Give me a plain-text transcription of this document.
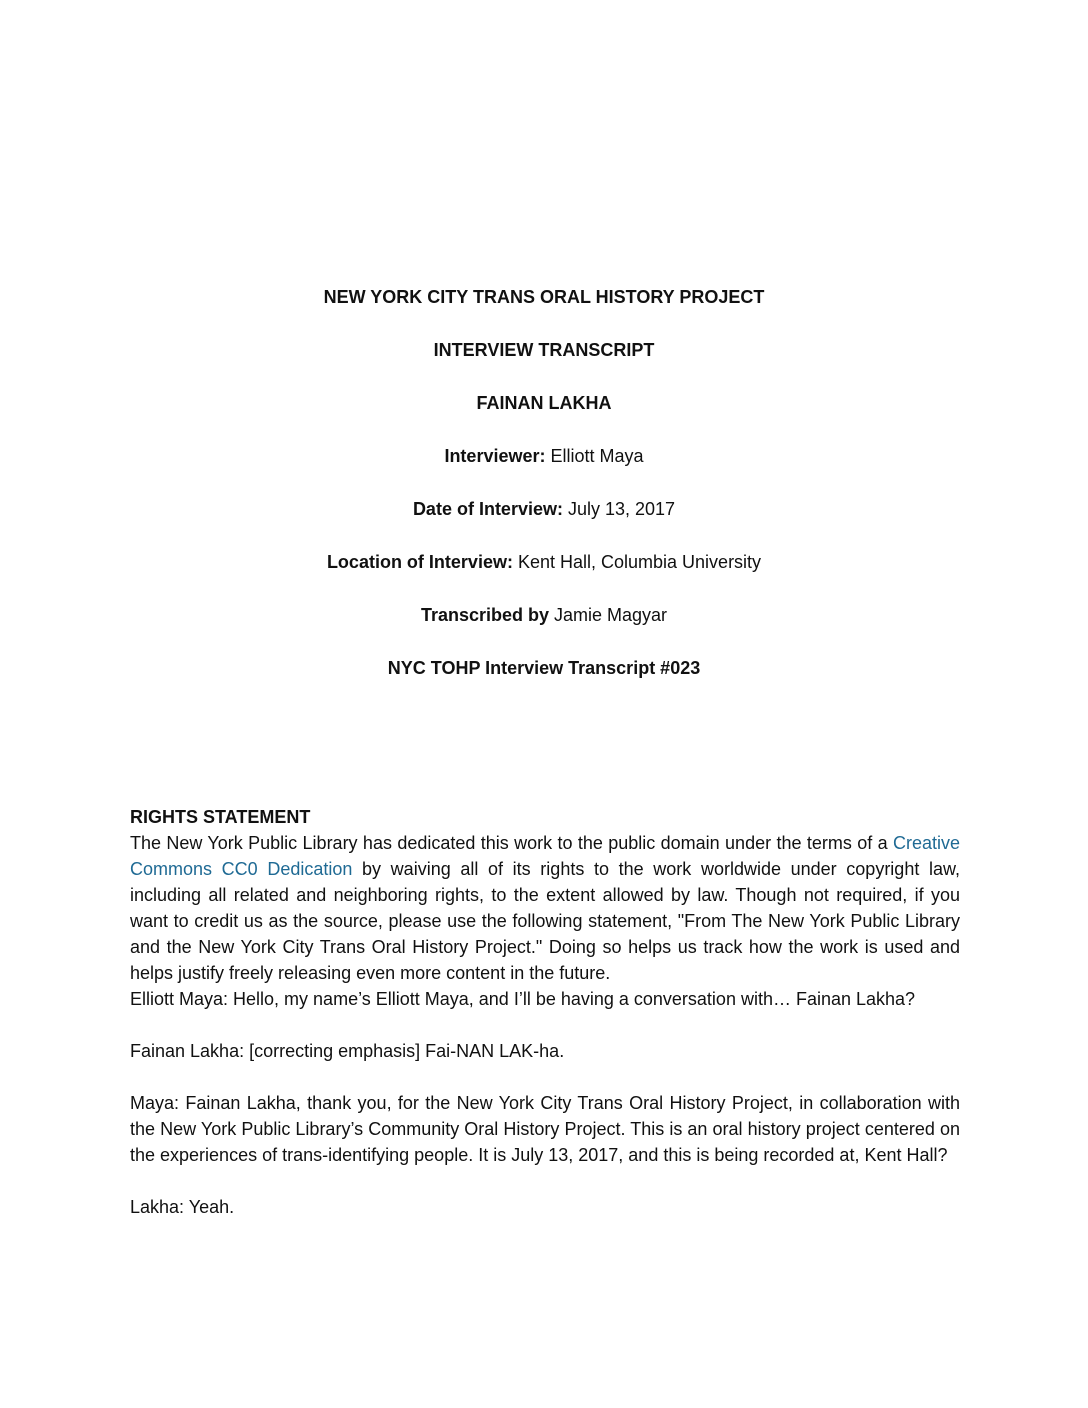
NEW YORK CITY TRANS ORAL HISTORY PROJECT

INTERVIEW TRANSCRIPT

FAINAN LAKHA

Interviewer: Elliott Maya

Date of Interview: July 13, 2017

Location of Interview: Kent Hall, Columbia University

Transcribed by Jamie Magyar

NYC TOHP Interview Transcript #023

RIGHTS STATEMENT

The New York Public Library has dedicated this work to the public domain under the terms of a Creative Commons CC0 Dedication by waiving all of its rights to the work worldwide under copyright law, including all related and neighboring rights, to the extent allowed by law. Though not required, if you want to credit us as the source, please use the following statement, "From The New York Public Library and the New York City Trans Oral History Project." Doing so helps us track how the work is used and helps justify freely releasing even more content in the future.

Elliott Maya: Hello, my name’s Elliott Maya, and I’ll be having a conversation with… Fainan Lakha?

Fainan Lakha: [correcting emphasis] Fai-NAN LAK-ha.

Maya: Fainan Lakha, thank you, for the New York City Trans Oral History Project, in collaboration with the New York Public Library’s Community Oral History Project. This is an oral history project centered on the experiences of trans-identifying people. It is July 13, 2017, and this is being recorded at, Kent Hall?

Lakha: Yeah.
